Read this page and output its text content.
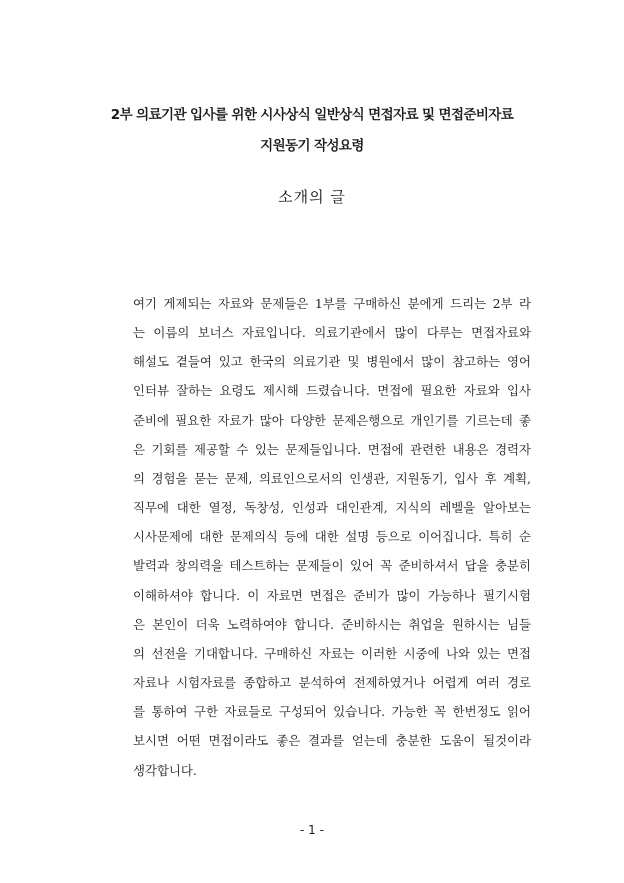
2부 의료기관 입사를 위한 시사상식 일반상식 면접자료 및 면접준비자료

지원동기 작성요령

소개의 글

여기 게제되는 자료와 문제들은 1부를 구매하신 분에게 드리는 2부 라
는 이름의 보너스 자료입니다. 의료기관에서 많이 다루는 면접자료와
해설도 곁들여 있고 한국의 의료기관 및 병원에서 많이 참고하는 영어
인터뷰 잘하는 요령도 제시해 드렸습니다. 면접에 필요한 자료와 입사
준비에 필요한 자료가 많아 다양한 문제은행으로 개인기를 기르는데 좋
은 기회를 제공할 수 있는 문제들입니다. 면접에 관련한 내용은 경력자
의 경험을 묻는 문제, 의료인으로서의 인생관, 지원동기, 입사 후 계획,
직무에 대한 열정, 독창성, 인성과 대인관계, 지식의 레벨을 알아보는
시사문제에 대한 문제의식 등에 대한 설명 등으로 이어집니다. 특히 순
발력과 창의력을 테스트하는 문제들이 있어 꼭 준비하셔서 답을 충분히
이해하셔야 합니다. 이 자료면 면접은 준비가 많이 가능하나 필기시험
은 본인이 더욱 노력하여야 합니다. 준비하시는 취업을 원하시는 님들
의 선전을 기대합니다. 구매하신 자료는 이러한 시중에 나와 있는 면접
자료나 시험자료를 종합하고 분석하여 전제하였거나 어렵게 여러 경로
를 통하여 구한 자료들로 구성되어 있습니다. 가능한 꼭 한번정도 읽어
보시면 어떤 면접이라도 좋은 결과를 얻는데 충분한 도움이 될것이라
생각합니다.

- 1 -
